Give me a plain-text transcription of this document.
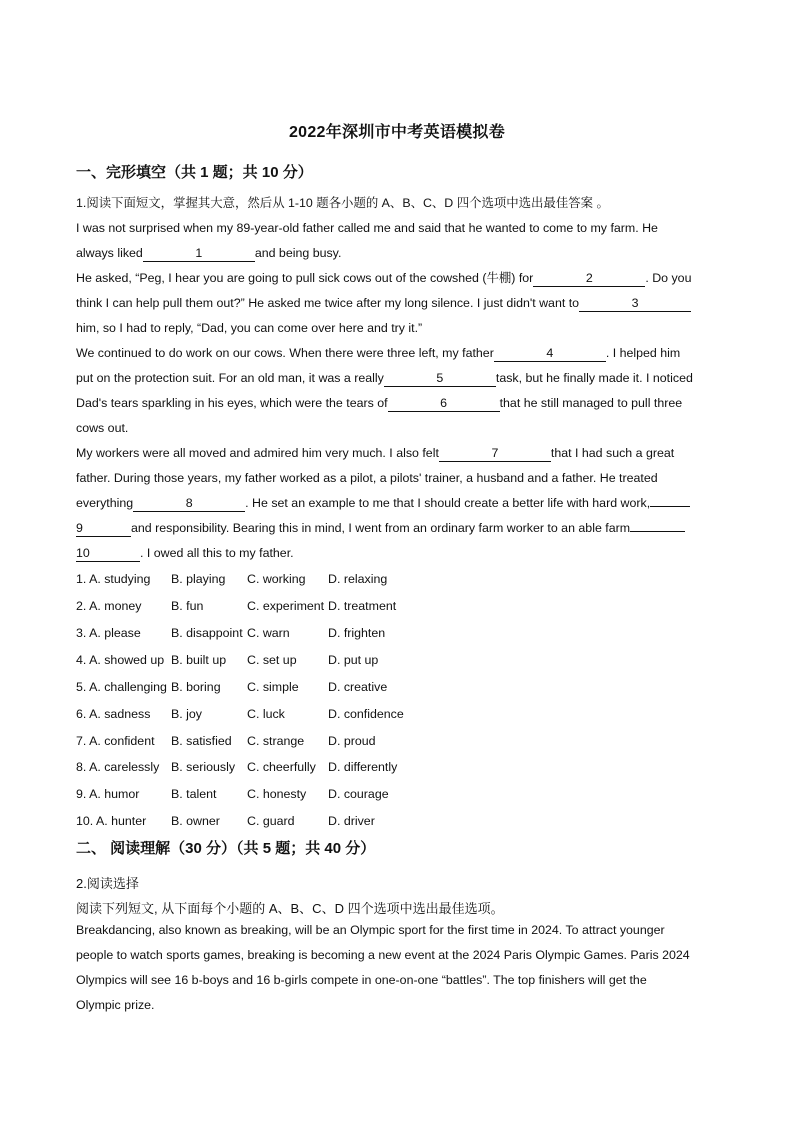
2022年深圳市中考英语模拟卷
一、完形填空（共 1 题；共 10 分）
1.阅读下面短文，掌握其大意，然后从 1-10 题各小题的 A、B、C、D 四个选项中选出最佳答案 。
I was not surprised when my 89-year-old father called me and said that he wanted to come to my farm. He
always liked	1	and being busy.
He asked, “Peg, I hear you are going to pull sick cows out of the cowshed (牛棚) for	2	. Do you
think I can help pull them out?” He asked me twice after my long silence. I just didn't want to	3
him, so I had to reply, “Dad, you can come over here and try it.”
We continued to do work on our cows. When there were three left, my father	4	. I helped him
put on the protection suit. For an old man, it was a really	5	task, but he finally made it. I noticed
Dad's tears sparkling in his eyes, which were the tears of	6	that he still managed to pull three
cows out.
My workers were all moved and admired him very much. I also felt	7	that I had such a great
father. During those years, my father worked as a pilot, a pilots' trainer, a husband and a father. He treated
everything	8	. He set an example to me that I should create a better life with hard work,
9	and responsibility. Bearing this in mind, I went from an ordinary farm worker to an able farm
10	. I owed all this to my father.
1. A. studying B. playing C. working D. relaxing
2. A. money B. fun	C. experiment D. treatment
3. A. please B. disappoint C. warn	D. frighten
4. A. showed up B. built up C. set up	D. put up
5. A. challenging B. boring C. simple D. creative
6. A. sadness B. joy	C. luck	D. confidence
7. A. confident B. satisfied C. strange D. proud
8. A. carelessly B. seriously C. cheerfully D. differently
9. A. humor	B. talent C. honesty D. courage
10. A. hunter B. owner C. guard	D. driver
二、 阅读理解（30 分）（共 5 题；共 40 分）
2.阅读选择
阅读下列短文, 从下面每个小题的 A、B、C、D 四个选项中选出最佳选项。
Breakdancing, also known as breaking, will be an Olympic sport for the first time in 2024. To attract younger
people to watch sports games, breaking is becoming a new event at the 2024 Paris Olympic Games. Paris 2024
Olympics will see 16 b-boys and 16 b-girls compete in one-on-one “battles”. The top finishers will get the
Olympic prize.
